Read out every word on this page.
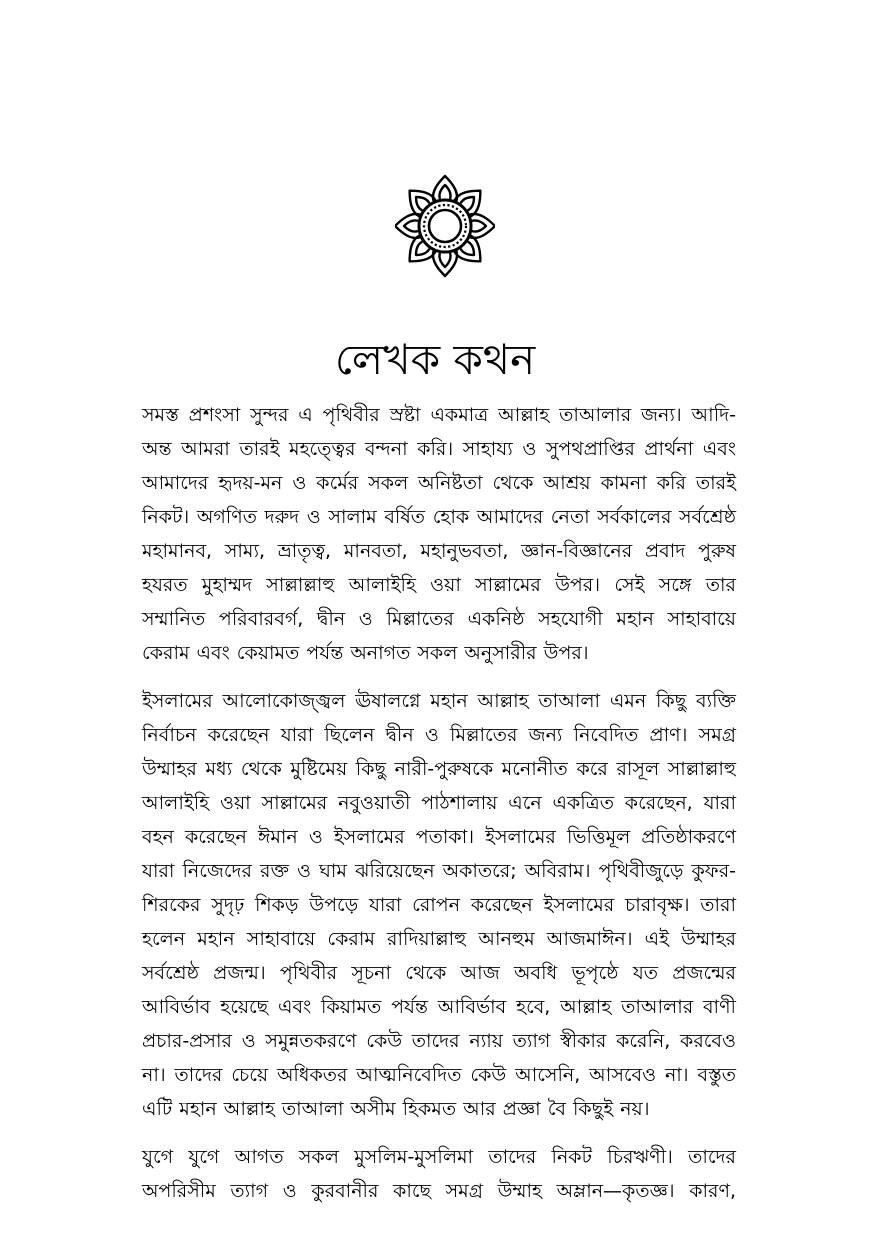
লেখক কথন

সমস্ত প্রশংসা সুন্দর এ পৃথিবীর স্রষ্টা একমাত্র আল্লাহ তাআলার জন্য। আদি-অন্ত আমরা তারই মহত্ত্বের বন্দনা করি। সাহায্য ও সুপথপ্রাপ্তির প্রার্থনা এবং আমাদের হৃদয়-মন ও কর্মের সকল অনিষ্টতা থেকে আশ্রয় কামনা করি তারই নিকট। অগণিত দরুদ ও সালাম বর্ষিত হোক আমাদের নেতা সর্বকালের সর্বশ্রেষ্ঠ মহামানব, সাম্য, ভ্রাতৃত্ব, মানবতা, মহানুভবতা, জ্ঞান-বিজ্ঞানের প্রবাদ পুরুষ হযরত মুহাম্মদ সাল্লাল্লাহু আলাইহি ওয়া সাল্লামের উপর। সেই সঙ্গে তার সম্মানিত পরিবারবর্গ, দ্বীন ও মিল্লাতের একনিষ্ঠ সহযোগী মহান সাহাবায়ে কেরাম এবং কেয়ামত পর্যন্ত অনাগত সকল অনুসারীর উপর।

ইসলামের আলোকোজ্জ্বল ঊষালগ্নে মহান আল্লাহ তাআলা এমন কিছু ব্যক্তি নির্বাচন করেছেন যারা ছিলেন দ্বীন ও মিল্লাতের জন্য নিবেদিত প্রাণ। সমগ্র উম্মাহর মধ্য থেকে মুষ্টিমেয় কিছু নারী-পুরুষকে মনোনীত করে রাসূল সাল্লাল্লাহু আলাইহি ওয়া সাল্লামের নবুওয়াতী পাঠশালায় এনে একত্রিত করেছেন, যারা বহন করেছেন ঈমান ও ইসলামের পতাকা। ইসলামের ভিত্তিমূল প্রতিষ্ঠাকরণে যারা নিজেদের রক্ত ও ঘাম ঝরিয়েছেন অকাতরে; অবিরাম। পৃথিবীজুড়ে কুফর-শিরকের সুদৃঢ় শিকড় উপড়ে যারা রোপন করেছেন ইসলামের চারাবৃক্ষ। তারা হলেন মহান সাহাবায়ে কেরাম রাদিয়াল্লাহু আনহুম আজমাঈন। এই উম্মাহর সর্বশ্রেষ্ঠ প্রজন্ম। পৃথিবীর সূচনা থেকে আজ অবধি ভূপৃষ্ঠে যত প্রজন্মের আবির্ভাব হয়েছে এবং কিয়ামত পর্যন্ত আবির্ভাব হবে, আল্লাহ তাআলার বাণী প্রচার-প্রসার ও সমুন্নতকরণে কেউ তাদের ন্যায় ত্যাগ স্বীকার করেনি, করবেও না। তাদের চেয়ে অধিকতর আত্মনিবেদিত কেউ আসেনি, আসবেও না। বস্তুত এটি মহান আল্লাহ তাআলা অসীম হিকমত আর প্রজ্ঞা বৈ কিছুই নয়।

যুগে যুগে আগত সকল মুসলিম-মুসলিমা তাদের নিকট চিরঋণী। তাদের অপরিসীম ত্যাগ ও কুরবানীর কাছে সমগ্র উম্মাহ অম্লান—কৃতজ্ঞ। কারণ,
